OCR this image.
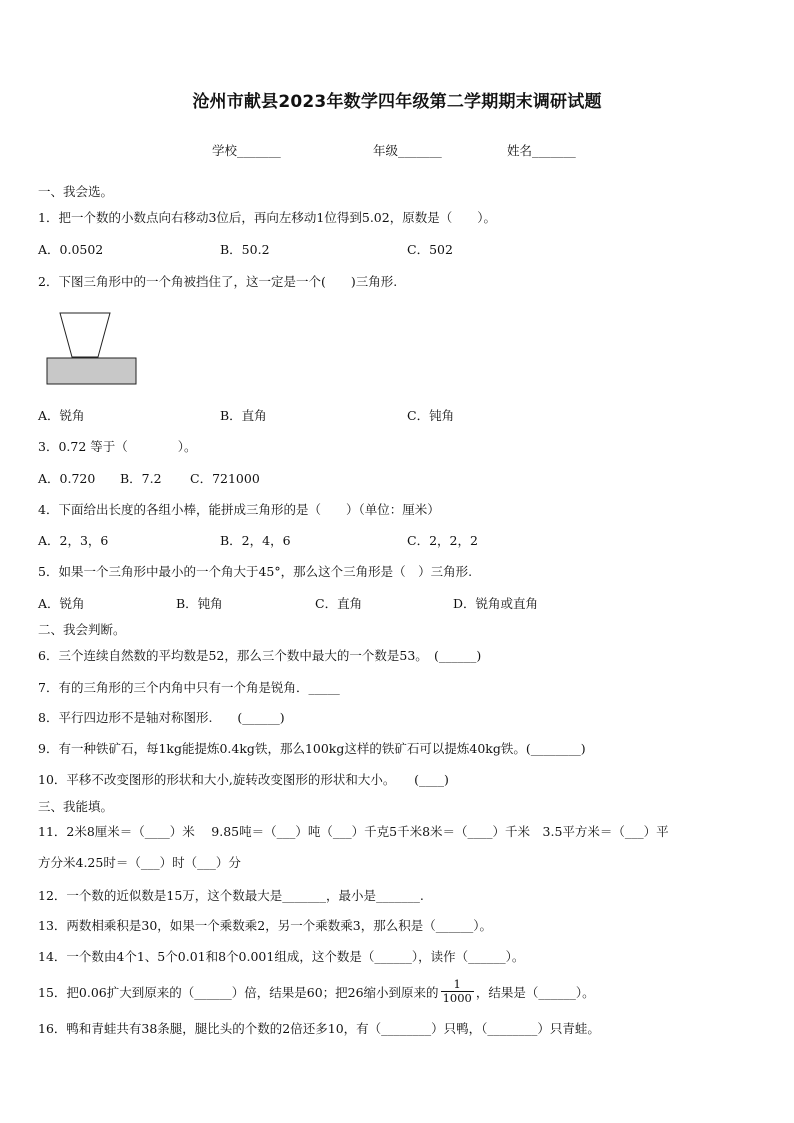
沧州市献县2023年数学四年级第二学期期末调研试题
学校_______	年级_______	姓名_______
一、我会选。
1．把一个数的小数点向右移动3位后，再向左移动1位得到5.02，原数是（　　）。
A．0.0502	B．50.2	C．502
2．下图三角形中的一个角被挡住了，这一定是一个(　　)三角形.
A．锐角	B．直角	C．钝角
3．0.72 等于（　　　　）。
A．0.720 B．7.2 C．721000
4．下面给出长度的各组小棒，能拼成三角形的是（　　）（单位：厘米）
A．2，3，6	B．2，4，6	C．2，2，2
5．如果一个三角形中最小的一个角大于45°，那么这个三角形是（　）三角形.
A．锐角	B．钝角	C．直角	D．锐角或直角
二、我会判断。
6．三个连续自然数的平均数是52，那么三个数中最大的一个数是53。　(______)
7．有的三角形的三个内角中只有一个角是锐角．_____
8．平行四边形不是轴对称图形.　　(______)
9．有一种铁矿石，每1kg能提炼0.4kg铁，那么100kg这样的铁矿石可以提炼40kg铁。(________)
10．平移不改变图形的形状和大小,旋转改变图形的形状和大小。　　(____)
三、我能填。
11．2米8厘米＝（____）米　 9.85吨＝（___）吨（___）千克5千米8米＝（____）千米　3.5平方米＝（___）平
方分米4.25时＝（___）时（___）分
12．一个数的近似数是15万，这个数最大是_______，最小是_______.
13．两数相乘积是30，如果一个乘数乘2，另一个乘数乘3，那么积是（______）。
14．一个数由4个1、5个0.01和8个0.001组成，这个数是（______），读作（______）。
15．把0.06扩大到原来的（______）倍，结果是60；把26缩小到原来的 $\frac{1}{1000}$ ，结果是（______）。
16．鸭和青蛙共有38条腿，腿比头的个数的2倍还多10，有（________）只鸭，（________）只青蛙。
